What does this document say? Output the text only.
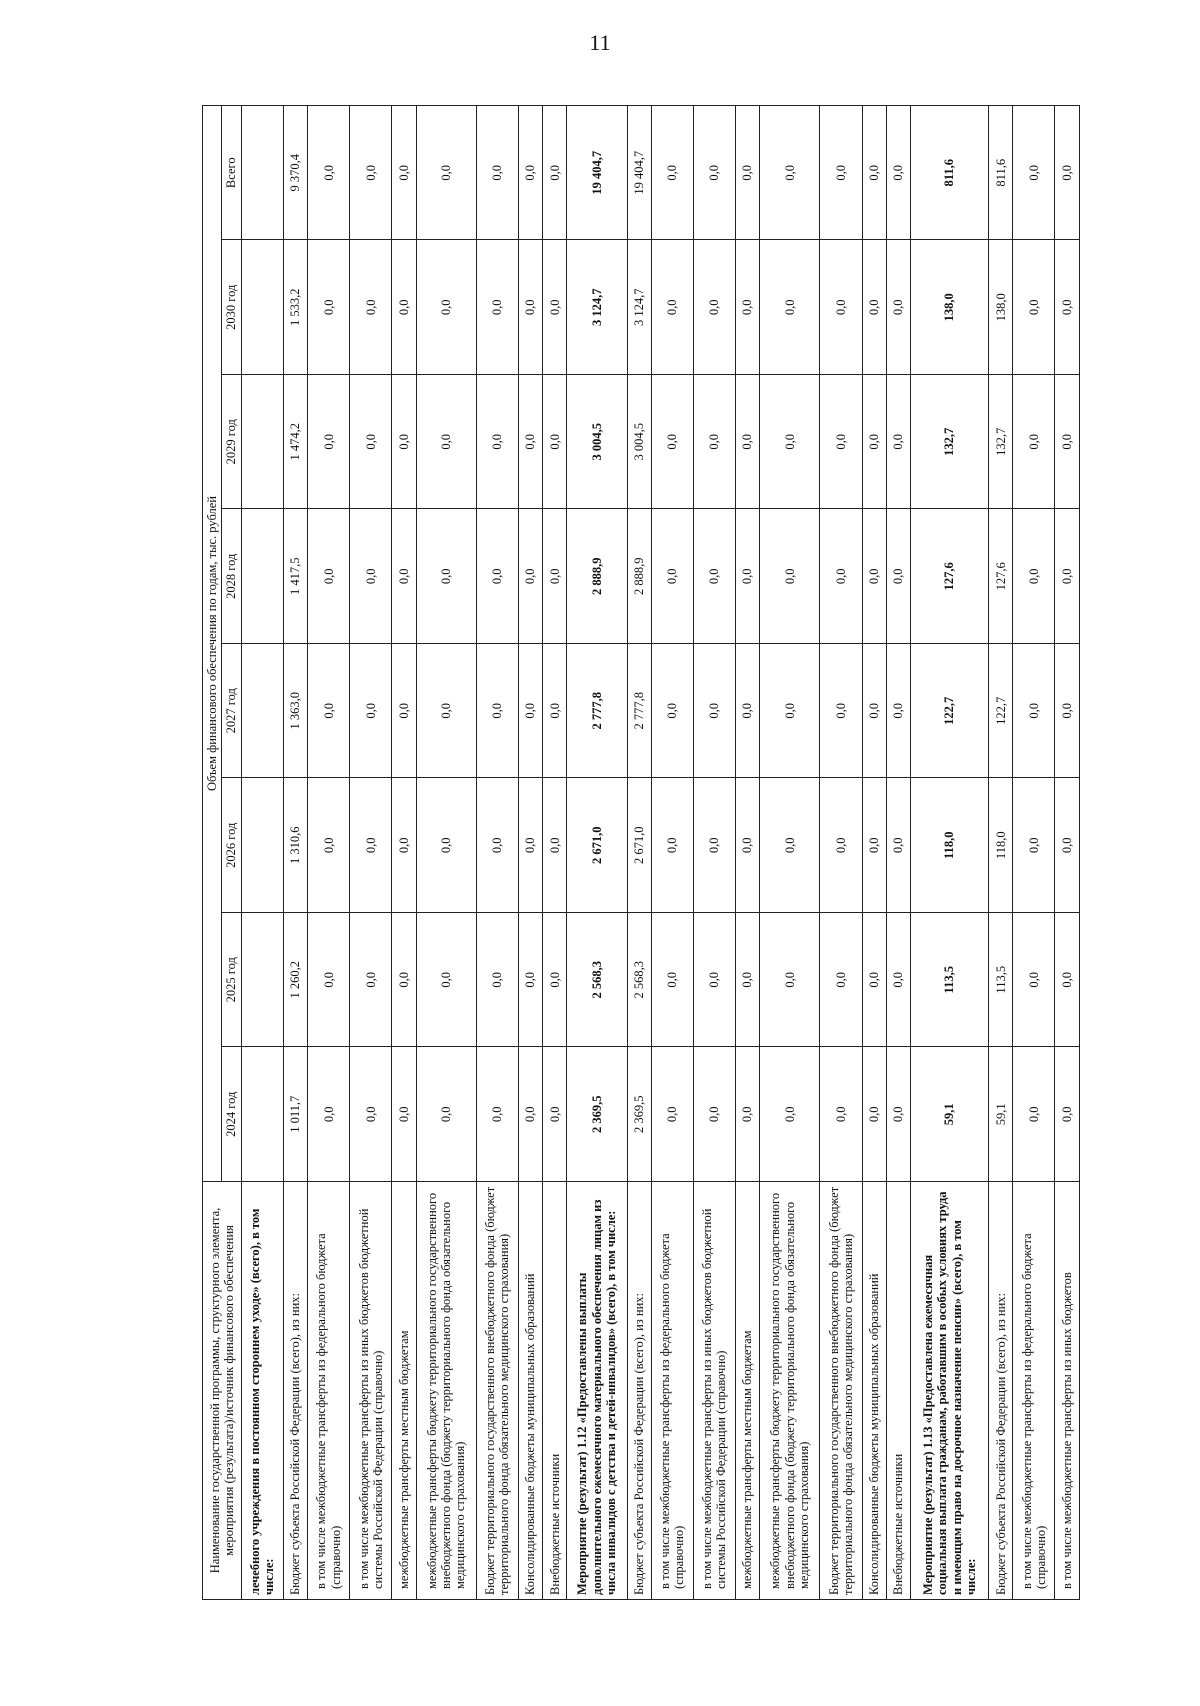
11
Наименование государственной программы, структурного элемента, мероприятия (результата)/источник финансового обеспечения	Объем финансового обеспечения по годам, тыс. рублей							
	2024 год	2025 год	2026 год	2027 год	2028 год	2029 год	2030 год	Всего
лечебного учреждения в постоянном стороннем уходе» (всего), в том числе:								
Бюджет субъекта Российской Федерации (всего), из них:	1 011,7	1 260,2	1 310,6	1 363,0	1 417,5	1 474,2	1 533,2	9 370,4
в том числе межбюджетные трансферты из федерального бюджета (справочно)	0,0	0,0	0,0	0,0	0,0	0,0	0,0	0,0
в том числе межбюджетные трансферты из иных бюджетов бюджетной системы Российской Федерации (справочно)	0,0	0,0	0,0	0,0	0,0	0,0	0,0	0,0
межбюджетные трансферты местным бюджетам	0,0	0,0	0,0	0,0	0,0	0,0	0,0	0,0
межбюджетные трансферты бюджету территориального государственного внебюджетного фонда (бюджету территориального фонда обязательного медицинского страхования)	0,0	0,0	0,0	0,0	0,0	0,0	0,0	0,0
Бюджет территориального государственного внебюджетного фонда (бюджет территориального фонда обязательного медицинского страхования)	0,0	0,0	0,0	0,0	0,0	0,0	0,0	0,0
Консолидированные бюджеты муниципальных образований	0,0	0,0	0,0	0,0	0,0	0,0	0,0	0,0
Внебюджетные источники	0,0	0,0	0,0	0,0	0,0	0,0	0,0	0,0
Мероприятие (результат) 1.12 «Предоставлены выплаты дополнительного ежемесячного материального обеспечения лицам из числа инвалидов с детства и детей-инвалидов» (всего), в том числе:	2 369,5	2 568,3	2 671,0	2 777,8	2 888,9	3 004,5	3 124,7	19 404,7
Бюджет субъекта Российской Федерации (всего), из них:	2 369,5	2 568,3	2 671,0	2 777,8	2 888,9	3 004,5	3 124,7	19 404,7
в том числе межбюджетные трансферты из федерального бюджета (справочно)	0,0	0,0	0,0	0,0	0,0	0,0	0,0	0,0
в том числе межбюджетные трансферты из иных бюджетов бюджетной системы Российской Федерации (справочно)	0,0	0,0	0,0	0,0	0,0	0,0	0,0	0,0
межбюджетные трансферты местным бюджетам	0,0	0,0	0,0	0,0	0,0	0,0	0,0	0,0
межбюджетные трансферты бюджету территориального государственного внебюджетного фонда (бюджету территориального фонда обязательного медицинского страхования)	0,0	0,0	0,0	0,0	0,0	0,0	0,0	0,0
Бюджет территориального государственного внебюджетного фонда (бюджет территориального фонда обязательного медицинского страхования)	0,0	0,0	0,0	0,0	0,0	0,0	0,0	0,0
Консолидированные бюджеты муниципальных образований	0,0	0,0	0,0	0,0	0,0	0,0	0,0	0,0
Внебюджетные источники	0,0	0,0	0,0	0,0	0,0	0,0	0,0	0,0
Мероприятие (результат) 1.13 «Предоставлена ежемесячная социальная выплата гражданам, работавшим в особых условиях труда и имеющим право на досрочное назначение пенсии» (всего), в том числе:	59,1	113,5	118,0	122,7	127,6	132,7	138,0	811,6
Бюджет субъекта Российской Федерации (всего), из них:	59,1	113,5	118,0	122,7	127,6	132,7	138,0	811,6
в том числе межбюджетные трансферты из федерального бюджета (справочно)	0,0	0,0	0,0	0,0	0,0	0,0	0,0	0,0
в том числе межбюджетные трансферты из иных бюджетов	0,0	0,0	0,0	0,0	0,0	0,0	0,0	0,0
